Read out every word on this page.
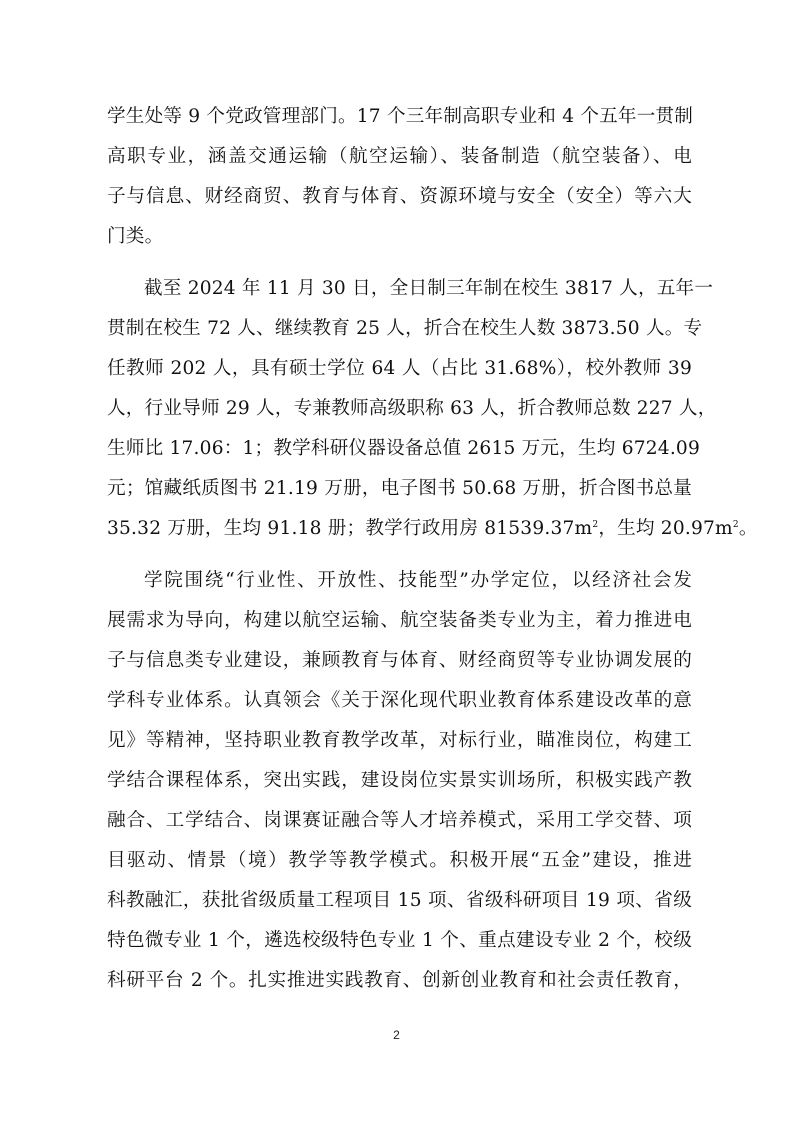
学生处等 9 个党政管理部门。17 个三年制高职专业和 4 个五年一贯制
高职专业，涵盖交通运输（航空运输）、装备制造（航空装备）、电
子与信息、财经商贸、教育与体育、资源环境与安全（安全）等六大
门类。
截至 2024 年 11 月 30 日，全日制三年制在校生 3817 人，五年一
贯制在校生 72 人、继续教育 25 人，折合在校生人数 3873.50 人。专
任教师 202 人，具有硕士学位 64 人（占比 31.68%），校外教师 39
人，行业导师 29 人，专兼教师高级职称 63 人，折合教师总数 227 人，
生师比 17.06：1；教学科研仪器设备总值 2615 万元，生均 6724.09
元；馆藏纸质图书 21.19 万册，电子图书 50.68 万册，折合图书总量
35.32 万册，生均 91.18 册；教学行政用房 $81539.37m^2$，生均 $20.97m^2$。
学院围绕“行业性、开放性、技能型”办学定位，以经济社会发
展需求为导向，构建以航空运输、航空装备类专业为主，着力推进电
子与信息类专业建设，兼顾教育与体育、财经商贸等专业协调发展的
学科专业体系。认真领会《关于深化现代职业教育体系建设改革的意
见》等精神，坚持职业教育教学改革，对标行业，瞄准岗位，构建工
学结合课程体系，突出实践，建设岗位实景实训场所，积极实践产教
融合、工学结合、岗课赛证融合等人才培养模式，采用工学交替、项
目驱动、情景（境）教学等教学模式。积极开展“五金”建设，推进
科教融汇，获批省级质量工程项目 15 项、省级科研项目 19 项、省级
特色微专业 1 个，遴选校级特色专业 1 个、重点建设专业 2 个，校级
科研平台 2 个。扎实推进实践教育、创新创业教育和社会责任教育，
2
